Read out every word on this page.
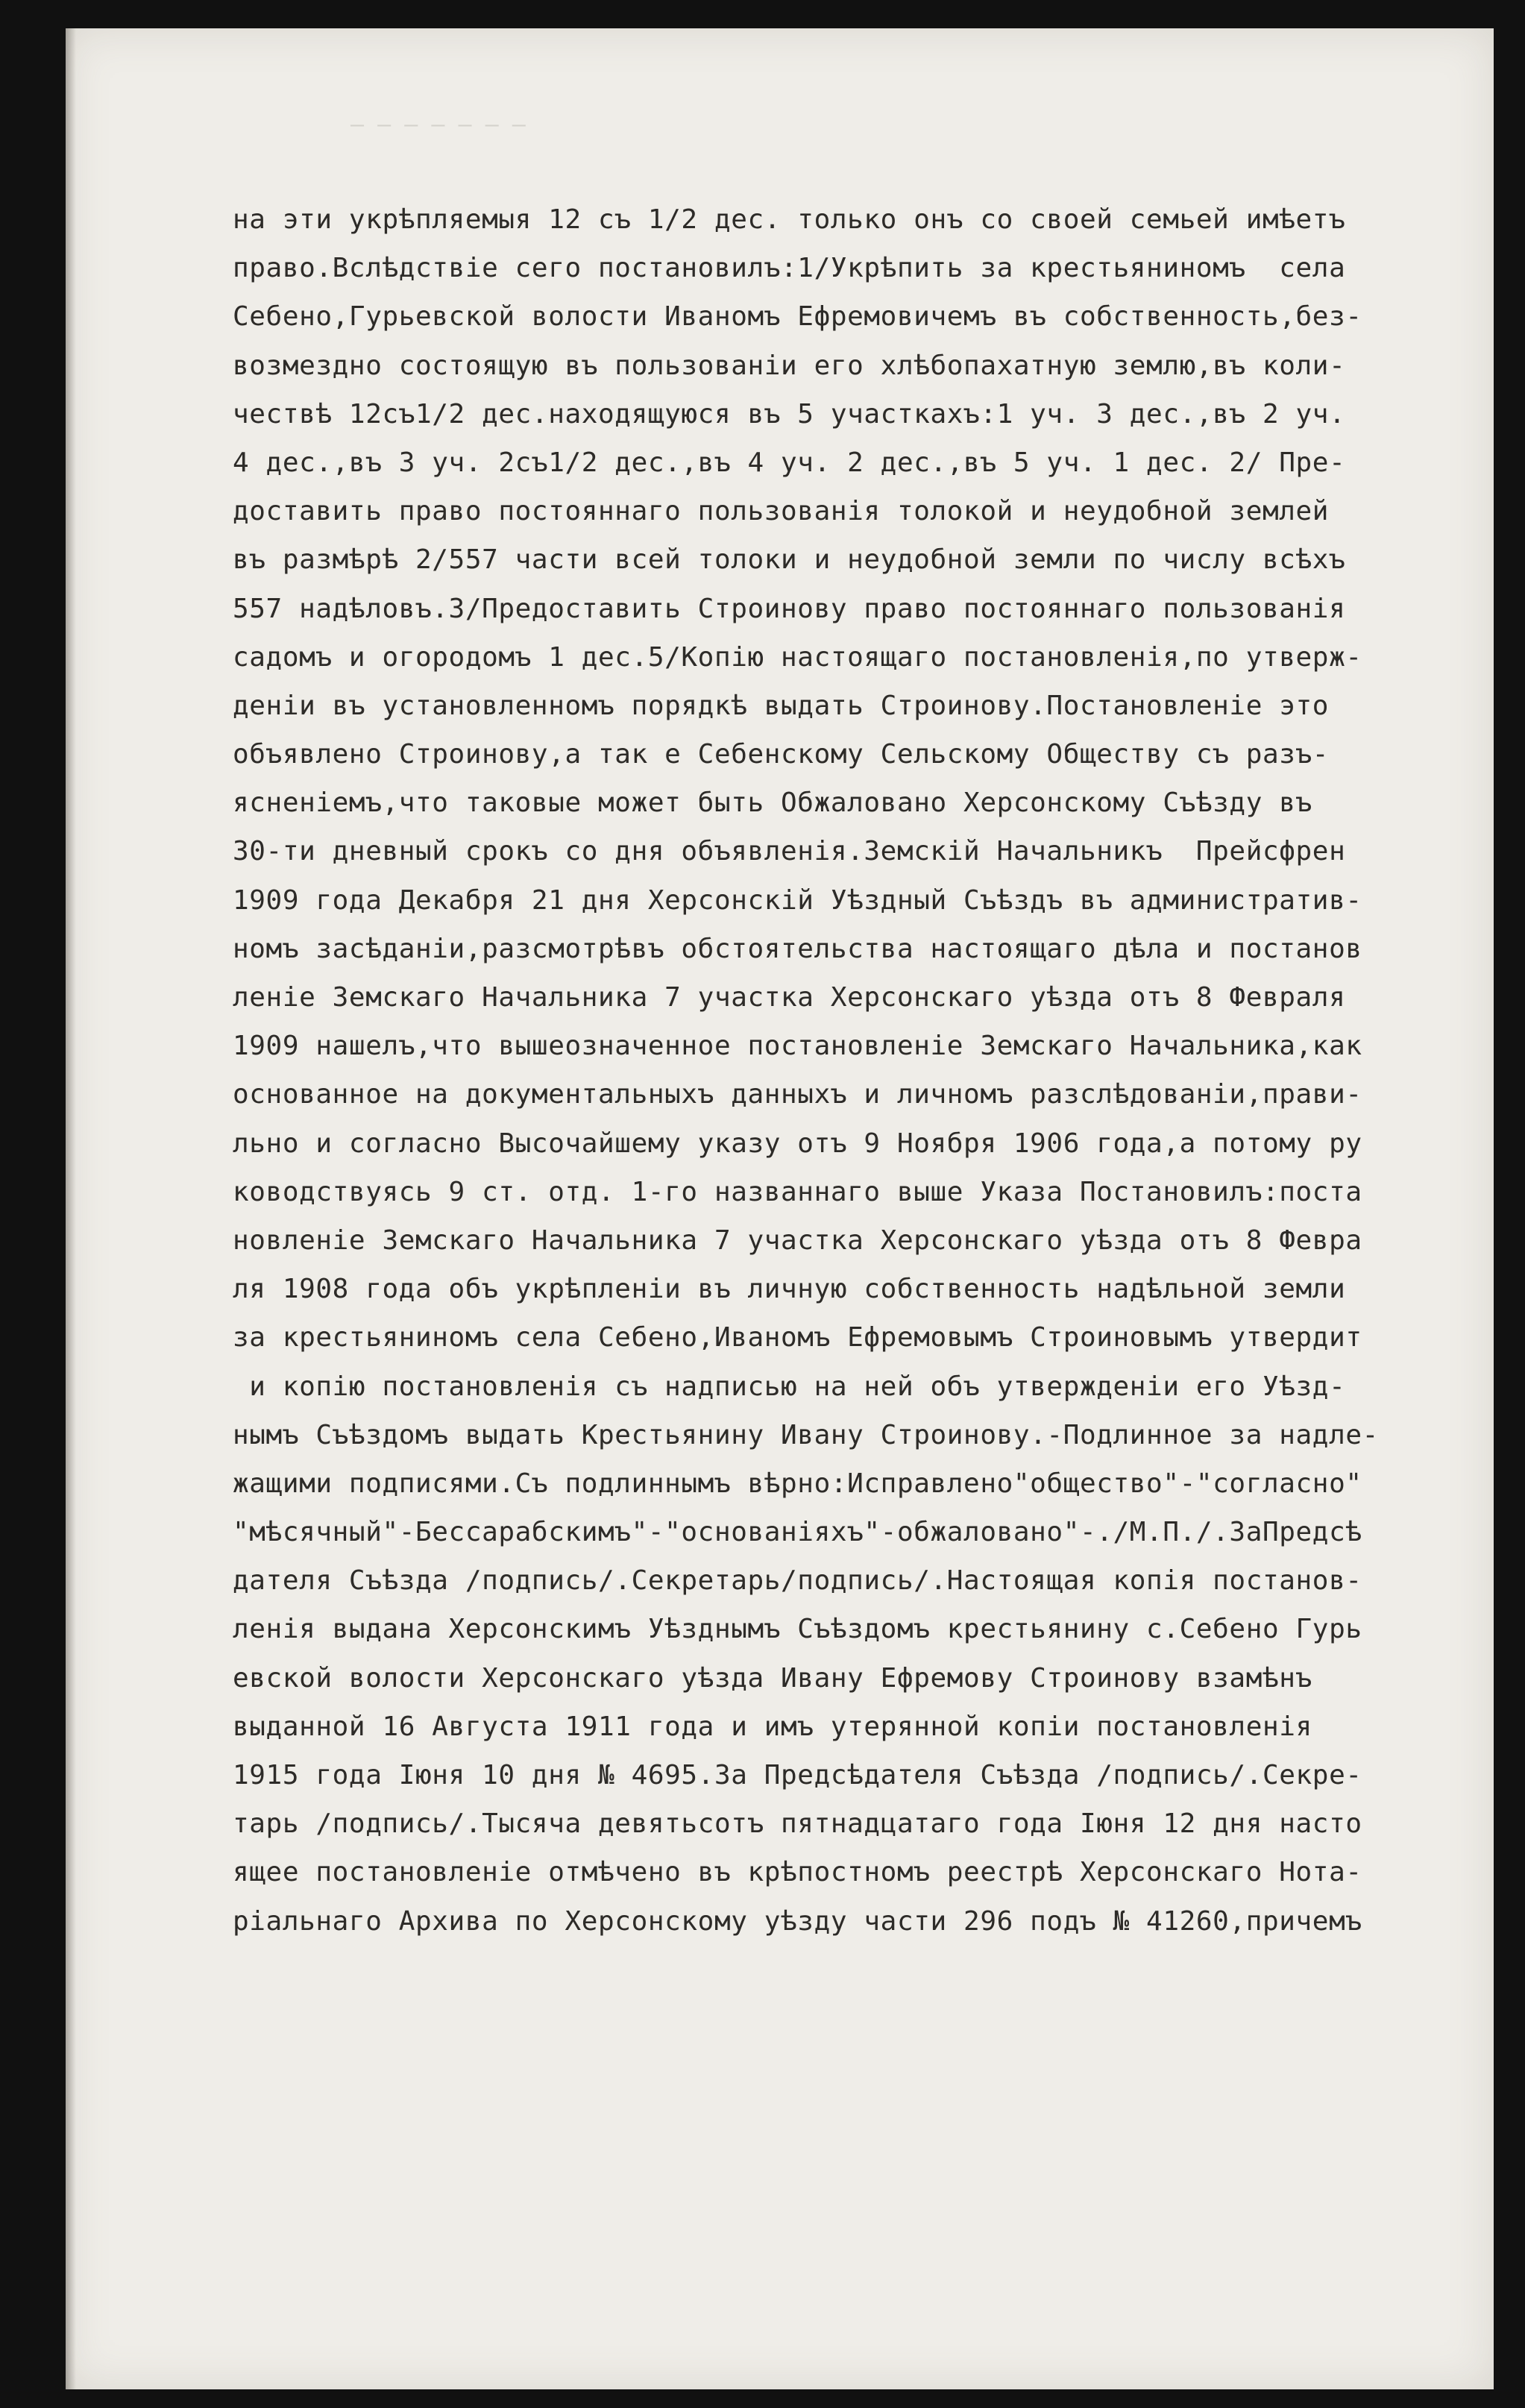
— — — — — — —
на эти укрѣпляемыя 12 съ 1/2 дес. только онъ со своей семьей имѣетъ
право.Вслѣдствіе сего постановилъ:1/Укрѣпить за крестьяниномъ  села
Себено,Гурьевской волости Иваномъ Ефремовичемъ въ собственность,без-
возмездно состоящую въ пользованіи его хлѣбопахатную землю,въ коли-
чествѣ 12съ1/2 дес.находящуюся въ 5 участкахъ:1 уч. 3 дес.,въ 2 уч.
4 дес.,въ 3 уч. 2съ1/2 дес.,въ 4 уч. 2 дес.,въ 5 уч. 1 дес. 2/ Пре-
доставить право постояннаго пользованія толокой и неудобной землей
въ размѣрѣ 2/557 части всей толоки и неудобной земли по числу всѣхъ
557 надѣловъ.3/Предоставить Строинову право постояннаго пользованія
садомъ и огородомъ 1 дес.5/Копію настоящаго постановленія,по утверж-
деніи въ установленномъ порядкѣ выдать Строинову.Постановленіе это
объявлено Строинову,а так е Себенскому Сельскому Обществу съ разъ-
ясненіемъ,что таковые может быть Обжаловано Херсонскому Съѣзду въ
30-ти дневный срокъ со дня объявленія.Земскій Начальникъ  Прейсфрен
1909 года Декабря 21 дня Херсонскій Уѣздный Съѣздъ въ административ-
номъ засѣданіи,разсмотрѣвъ обстоятельства настоящаго дѣла и постанов
леніе Земскаго Начальника 7 участка Херсонскаго уѣзда отъ 8 Февраля
1909 нашелъ,что вышеозначенное постановленіе Земскаго Начальника,как
основанное на документальныхъ данныхъ и личномъ разслѣдованіи,прави-
льно и согласно Высочайшему указу отъ 9 Ноября 1906 года,а потому ру
ководствуясь 9 ст. отд. 1-го названнаго выше Указа Постановилъ:поста
новленіе Земскаго Начальника 7 участка Херсонскаго уѣзда отъ 8 Февра
ля 1908 года объ укрѣпленіи въ личную собственность надѣльной земли
за крестьяниномъ села Себено,Иваномъ Ефремовымъ Строиновымъ утвердит
и копію постановленія съ надписью на ней объ утвержденіи его Уѣзд-
нымъ Съѣздомъ выдать Крестьянину Ивану Строинову.-Подлинное за надле-
жащими подписями.Съ подлиннымъ вѣрно:Исправлено"общество"-"согласно"
"мѣсячный"-Бессарабскимъ"-"основаніяхъ"-обжаловано"-./М.П./.ЗаПредсѣ
дателя Съѣзда /подпись/.Секретарь/подпись/.Настоящая копія постанов-
ленія выдана Херсонскимъ Уѣзднымъ Съѣздомъ крестьянину с.Себено Гурь
евской волости Херсонскаго уѣзда Ивану Ефремову Строинову взамѣнъ
выданной 16 Августа 1911 года и имъ утерянной копіи постановленія
1915 года Іюня 10 дня № 4695.За Предсѣдателя Съѣзда /подпись/.Секре-
тарь /подпись/.Тысяча девятьсотъ пятнадцатаго года Іюня 12 дня насто
ящее постановленіе отмѣчено въ крѣпостномъ реестрѣ Херсонскаго Нота-
ріальнаго Архива по Херсонскому уѣзду части 296 подъ № 41260,причемъ
